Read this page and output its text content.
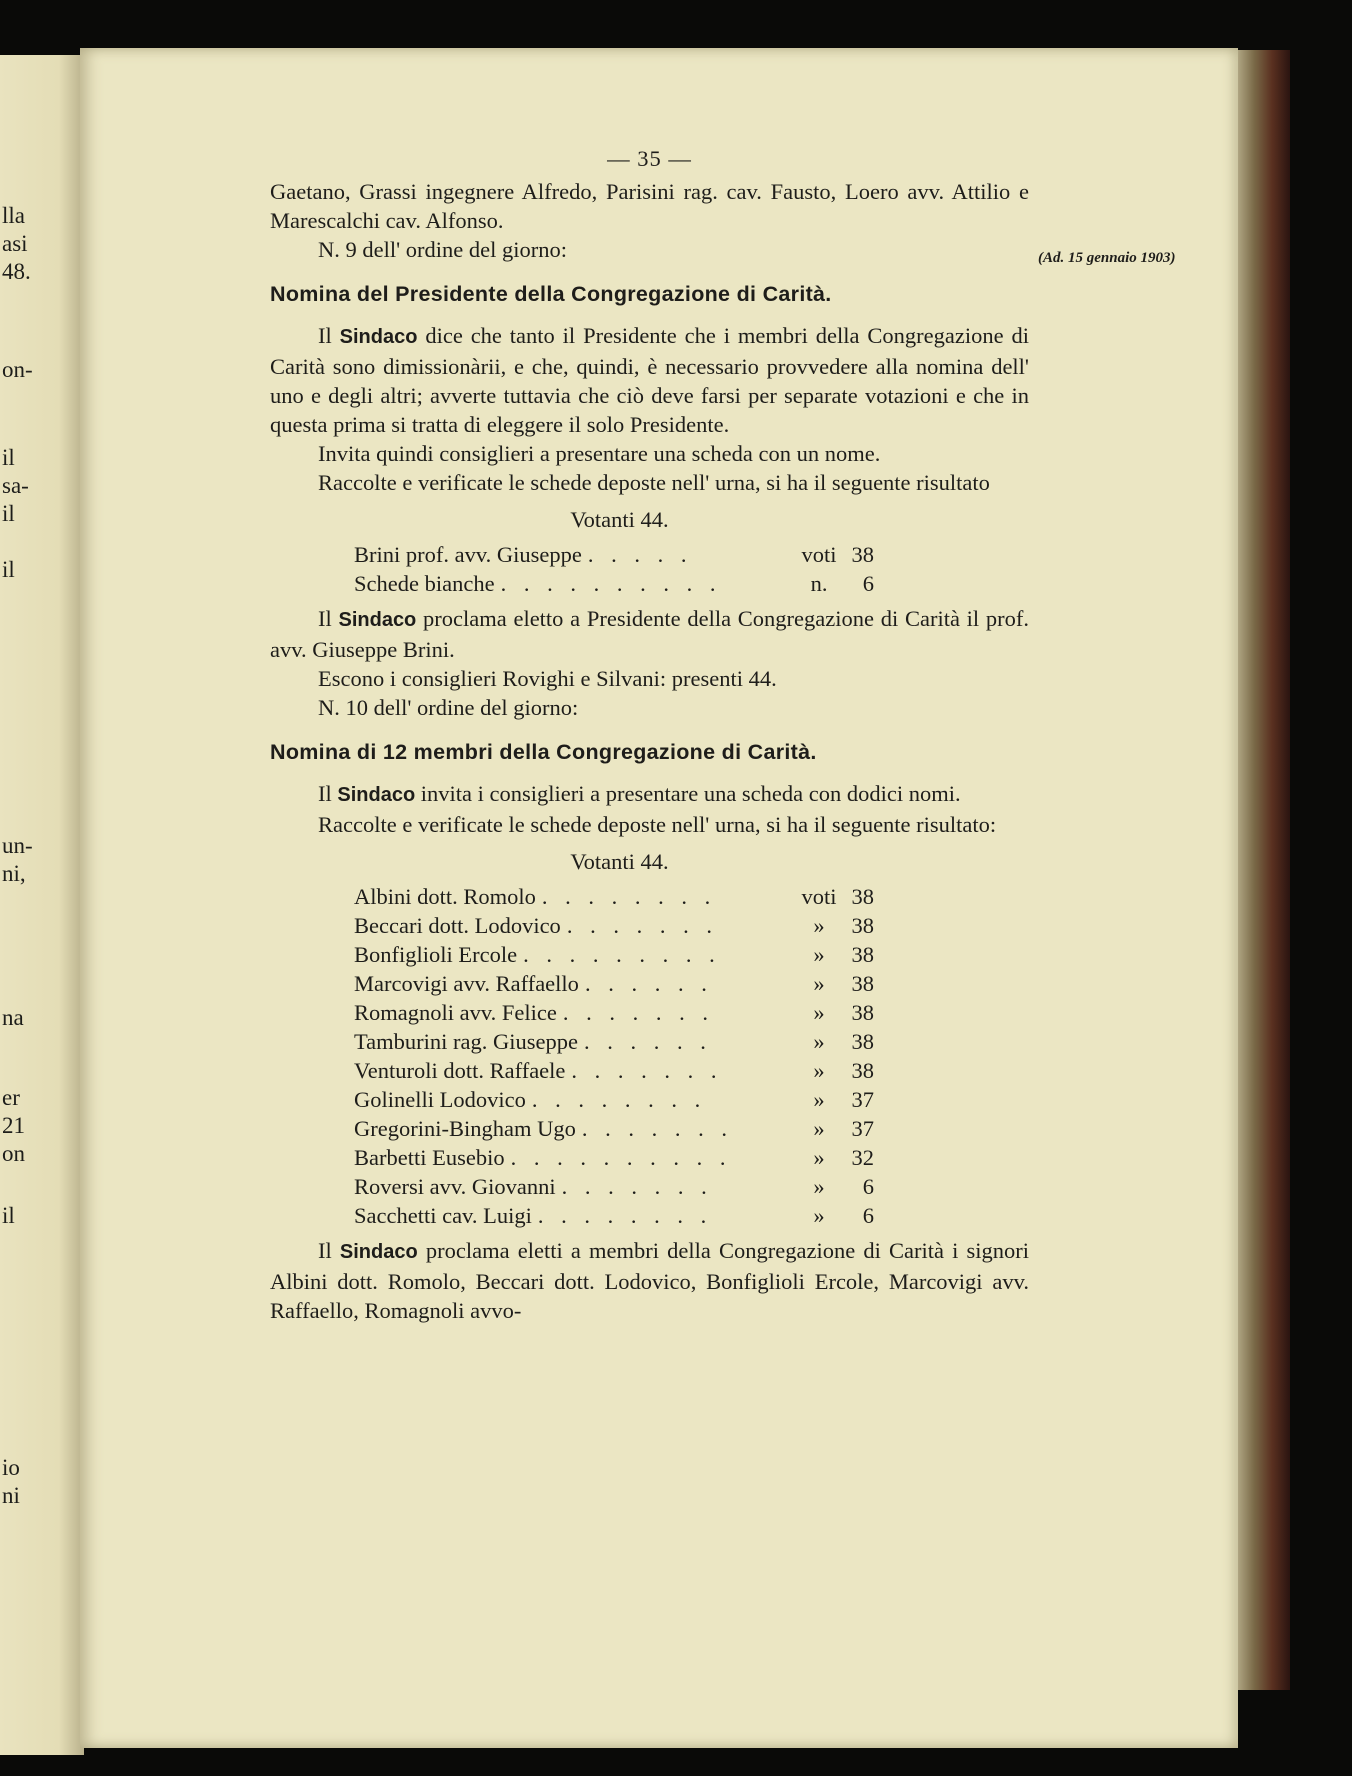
lla
asi
48.
on-
il
sa-
il
il
un-
ni,
na
er
21
on
il
io
ni
(Ad. 15 gennaio 1903)
— 35 —

Gaetano, Grassi ingegnere Alfredo, Parisini rag. cav. Fausto, Loero avv. Attilio e Marescalchi cav. Alfonso.

N. 9 dell' ordine del giorno:

Nomina del Presidente della Congregazione di Carità.

Il Sindaco dice che tanto il Presidente che i membri della Congregazione di Carità sono dimissionàrii, e che, quindi, è necessario provvedere alla nomina dell' uno e degli altri; avverte tuttavia che ciò deve farsi per separate votazioni e che in questa prima si tratta di eleggere il solo Presidente.

Invita quindi consiglieri a presentare una scheda con un nome.

Raccolte e verificate le schede deposte nell' urna, si ha il seguente risultato

Votanti 44.
Brini prof. avv. Giuseppe . . . . .	voti 38
Schede bianche . . . . . . . . . .	n.	6

Il Sindaco proclama eletto a Presidente della Congregazione di Carità il prof. avv. Giuseppe Brini.

Escono i consiglieri Rovighi e Silvani: presenti 44.

N. 10 dell' ordine del giorno:

Nomina di 12 membri della Congregazione di Carità.

Il Sindaco invita i consiglieri a presentare una scheda con dodici nomi.

Raccolte e verificate le schede deposte nell' urna, si ha il seguente risultato:

Votanti 44.
Albini dott. Romolo . . . . . . . .	voti 38
Beccari dott. Lodovico . . . . . . .	»	38
Bonfiglioli Ercole . . . . . . . . .	»	38
Marcovigi avv. Raffaello . . . . . .	»	38
Romagnoli avv. Felice . . . . . . .	»	38
Tamburini rag. Giuseppe . . . . . .	»	38
Venturoli dott. Raffaele . . . . . . .	»	38
Golinelli Lodovico . . . . . . . .	»	37
Gregorini-Bingham Ugo . . . . . . .	»	37
Barbetti Eusebio . . . . . . . . . .	»	32
Roversi avv. Giovanni . . . . . . .	»	6
Sacchetti cav. Luigi . . . . . . . .	»	6

Il Sindaco proclama eletti a membri della Congregazione di Carità i signori Albini dott. Romolo, Beccari dott. Lodovico, Bonfiglioli Ercole, Marcovigi avv. Raffaello, Romagnoli avvo-
